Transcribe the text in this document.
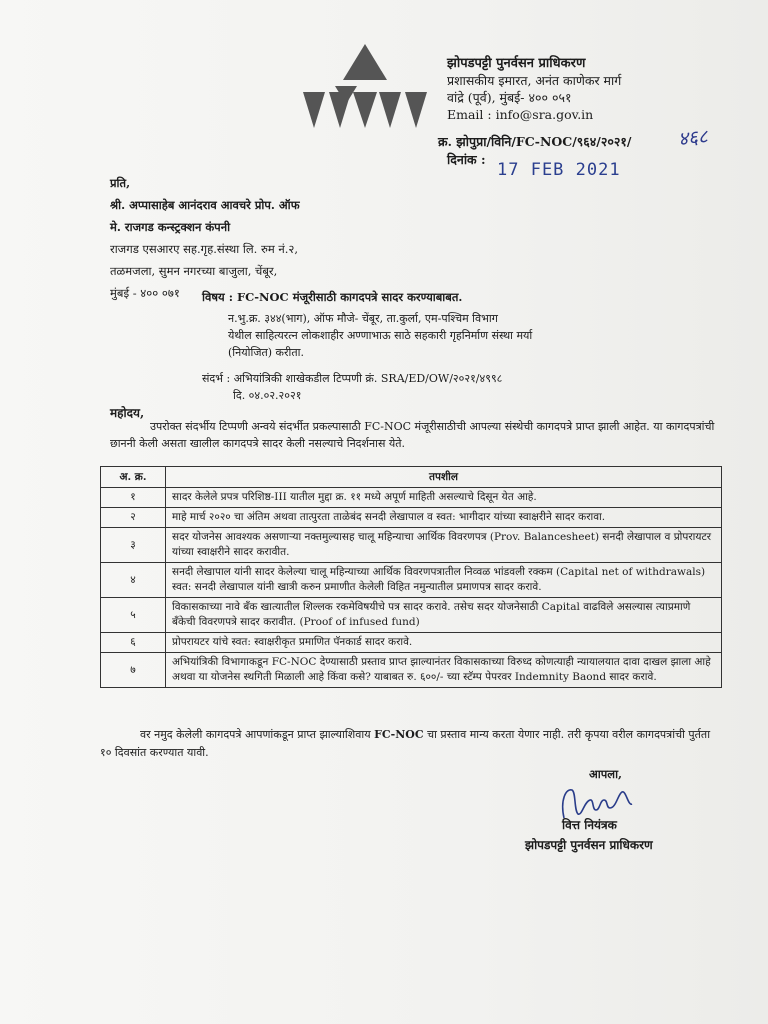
झोपडपट्टी पुनर्वसन प्राधिकरण
प्रशासकीय इमारत, अनंत काणेकर मार्ग
वांद्रे (पूर्व), मुंबई- ४०० ०५१
Email : info@sra.gov.in
क्र. झोपुप्रा/विनि/FC-NOC/९६४/२०२१/ ४६८
दिनांक :
17 FEB 2021
प्रति,
श्री. अप्पासाहेब आनंदराव आवचरे प्रोप. ऑफ
मे. राजगड कन्स्ट्रक्शन कंपनी
राजगड एसआरए सह.गृह.संस्था लि. रुम नं.२,
तळमजला, सुमन नगरच्या बाजुला, चेंबूर,
मुंबई - ४०० ०७१	विषय : FC-NOC मंजूरीसाठी कागदपत्रे सादर करण्याबाबत.
न.भु.क्र. ३४४(भाग), ऑफ मौजे- चेंबूर, ता.कुर्ला, एम-पश्चिम विभाग
येथील साहित्यरत्न लोकशाहीर अण्णाभाऊ साठे सहकारी गृहनिर्माण संस्था मर्या
(नियोजित) करीता.
संदर्भ : अभियांत्रिकी शाखेकडील टिप्पणी क्रं. SRA/ED/OW/२०२१/४९९८
दि. ०४.०२.२०२१
महोदय,
उपरोक्त संदर्भीय टिप्पणी अन्वये संदर्भीत प्रकल्पासाठी FC-NOC मंजूरीसाठीची आपल्या संस्थेची कागदपत्रे प्राप्त झाली आहेत. या कागदपत्रांची छाननी केली असता खालील कागदपत्रे सादर केली नसल्याचे निदर्शनास येते.
अ. क्र.	तपशील
१	सादर केलेले प्रपत्र परिशिष्ठ-III यातील मुद्दा क्र. ११ मध्ये अपूर्ण माहिती असल्याचे दिसून येत आहे.
२	माहे मार्च २०२० चा अंतिम अथवा तात्पुरता ताळेबंद सनदी लेखापाल व स्वत: भागीदार यांच्या स्वाक्षरीने सादर करावा.
३	सदर योजनेस आवश्यक असणाऱ्या नक्तमुल्यासह चालू महिन्याचा आर्थिक विवरणपत्र (Prov. Balancesheet) सनदी लेखापाल व प्रोपरायटर यांच्या स्वाक्षरीने सादर करावीत.
४	सनदी लेखापाल यांनी सादर केलेल्या चालू महिन्याच्या आर्थिक विवरणपत्रातील निव्वळ भांडवली रक्कम (Capital net of withdrawals) स्वत: सनदी लेखापाल यांनी खात्री करुन प्रमाणीत केलेली विहित नमुन्यातील प्रमाणपत्र सादर करावे.
५	विकासकाच्या नावे बँक खात्यातील शिल्लक रकमेविषयीचे पत्र सादर करावे. तसेच सदर योजनेसाठी Capital वाढविले असल्यास त्याप्रमाणे बँकेची विवरणपत्रे सादर करावीत. (Proof of infused fund)
६	प्रोपरायटर यांचे स्वत: स्वाक्षरीकृत प्रमाणित पॅनकार्ड सादर करावे.
७	अभियांत्रिकी विभागाकडून FC-NOC देण्यासाठी प्रस्ताव प्राप्त झाल्यानंतर विकासकाच्या विरुध्द कोणत्याही न्यायालयात दावा दाखल झाला आहे अथवा या योजनेस स्थगिती मिळाली आहे किंवा कसे? याबाबत रु. ६००/- च्या स्टॅम्प पेपरवर Indemnity Baond सादर करावे.
वर नमुद केलेली कागदपत्रे आपणांकडून प्राप्त झाल्याशिवाय FC-NOC चा प्रस्ताव मान्य करता येणार नाही. तरी कृपया वरील कागदपत्रांची पुर्तता १० दिवसांत करण्यात यावी.
आपला,
वित्त नियंत्रक
झोपडपट्टी पुनर्वसन प्राधिकरण
